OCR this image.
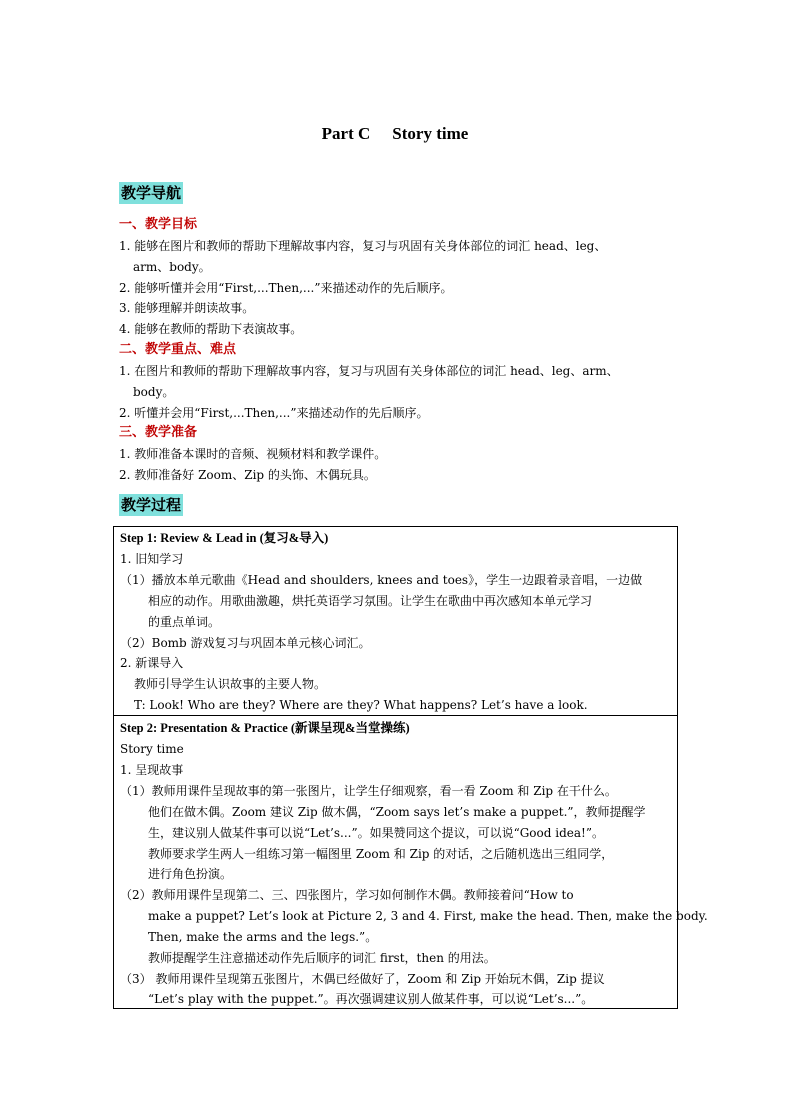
Part C Story time
教学导航
一、教学目标
1. 能够在图片和教师的帮助下理解故事内容，复习与巩固有关身体部位的词汇 head、leg、
arm、body。
2. 能够听懂并会用“First,...Then,...”来描述动作的先后顺序。
3. 能够理解并朗读故事。
4. 能够在教师的帮助下表演故事。
二、教学重点、难点
1. 在图片和教师的帮助下理解故事内容，复习与巩固有关身体部位的词汇 head、leg、arm、
body。
2. 听懂并会用“First,...Then,...”来描述动作的先后顺序。
三、教学准备
1. 教师准备本课时的音频、视频材料和教学课件。
2. 教师准备好 Zoom、Zip 的头饰、木偶玩具。
教学过程
Step 1: Review & Lead in (复习&导入)
1. 旧知学习
（1）播放本单元歌曲《Head and shoulders, knees and toes》，学生一边跟着录音唱，一边做
相应的动作。用歌曲激趣，烘托英语学习氛围。让学生在歌曲中再次感知本单元学习
的重点单词。
（2）Bomb 游戏复习与巩固本单元核心词汇。
2. 新课导入
教师引导学生认识故事的主要人物。
T: Look! Who are they? Where are they? What happens? Let’s have a look.
Step 2: Presentation & Practice (新课呈现&当堂操练)
Story time
1. 呈现故事
（1）教师用课件呈现故事的第一张图片，让学生仔细观察，看一看 Zoom 和 Zip 在干什么。
他们在做木偶。Zoom 建议 Zip 做木偶，“Zoom says let’s make a puppet.”，教师提醒学
生，建议别人做某件事可以说“Let’s...”。如果赞同这个提议，可以说“Good idea!”。
教师要求学生两人一组练习第一幅图里 Zoom 和 Zip 的对话，之后随机选出三组同学，
进行角色扮演。
（2）教师用课件呈现第二、三、四张图片，学习如何制作木偶。教师接着问“How to
make a puppet? Let’s look at Picture 2, 3 and 4. First, make the head. Then, make the body.
Then, make the arms and the legs.”。
教师提醒学生注意描述动作先后顺序的词汇 first，then 的用法。
（3） 教师用课件呈现第五张图片，木偶已经做好了，Zoom 和 Zip 开始玩木偶，Zip 提议
“Let’s play with the puppet.”。再次强调建议别人做某件事，可以说“Let’s...”。
